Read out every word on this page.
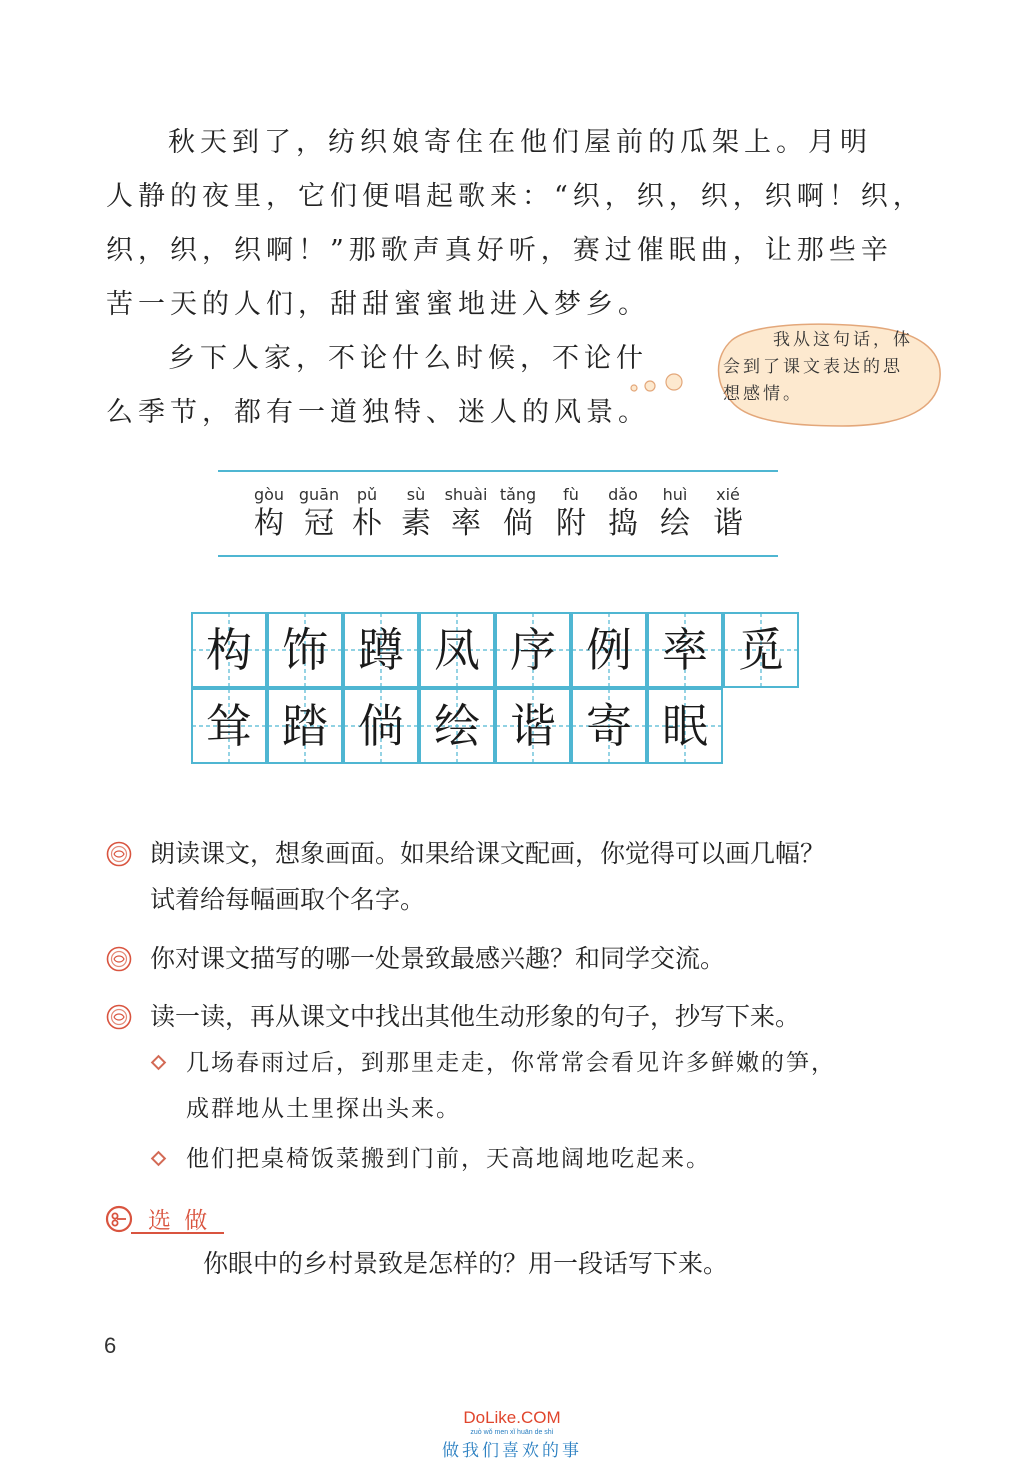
秋天到了，纺织娘寄住在他们屋前的瓜架上。月明
人静的夜里，它们便唱起歌来：“织，织，织，织啊！织，
织，织，织啊！”那歌声真好听，赛过催眠曲，让那些辛
苦一天的人们，甜甜蜜蜜地进入梦乡。
乡下人家，不论什么时候，不论什
么季节，都有一道独特、迷人的风景。
我从这句话，体
会到了课文表达的思
想感情。
gòu
构
guān
冠
pǔ
朴
sù
素
shuài
率
tǎng
倘
fù
附
dǎo
捣
huì
绘
xié
谐
构 饰 蹲 凤 序 例 率 觅
耸 踏 倘 绘 谐 寄 眠
朗读课文，想象画面。如果给课文配画，你觉得可以画几幅？
试着给每幅画取个名字。
你对课文描写的哪一处景致最感兴趣？和同学交流。
读一读，再从课文中找出其他生动形象的句子，抄写下来。
几场春雨过后，到那里走走，你常常会看见许多鲜嫩的笋，
成群地从土里探出头来。
他们把桌椅饭菜搬到门前，天高地阔地吃起来。
选 做
你眼中的乡村景致是怎样的？用一段话写下来。
6
DoLike.COM
zuò wǒ men xǐ huān de shì
做我们喜欢的事
